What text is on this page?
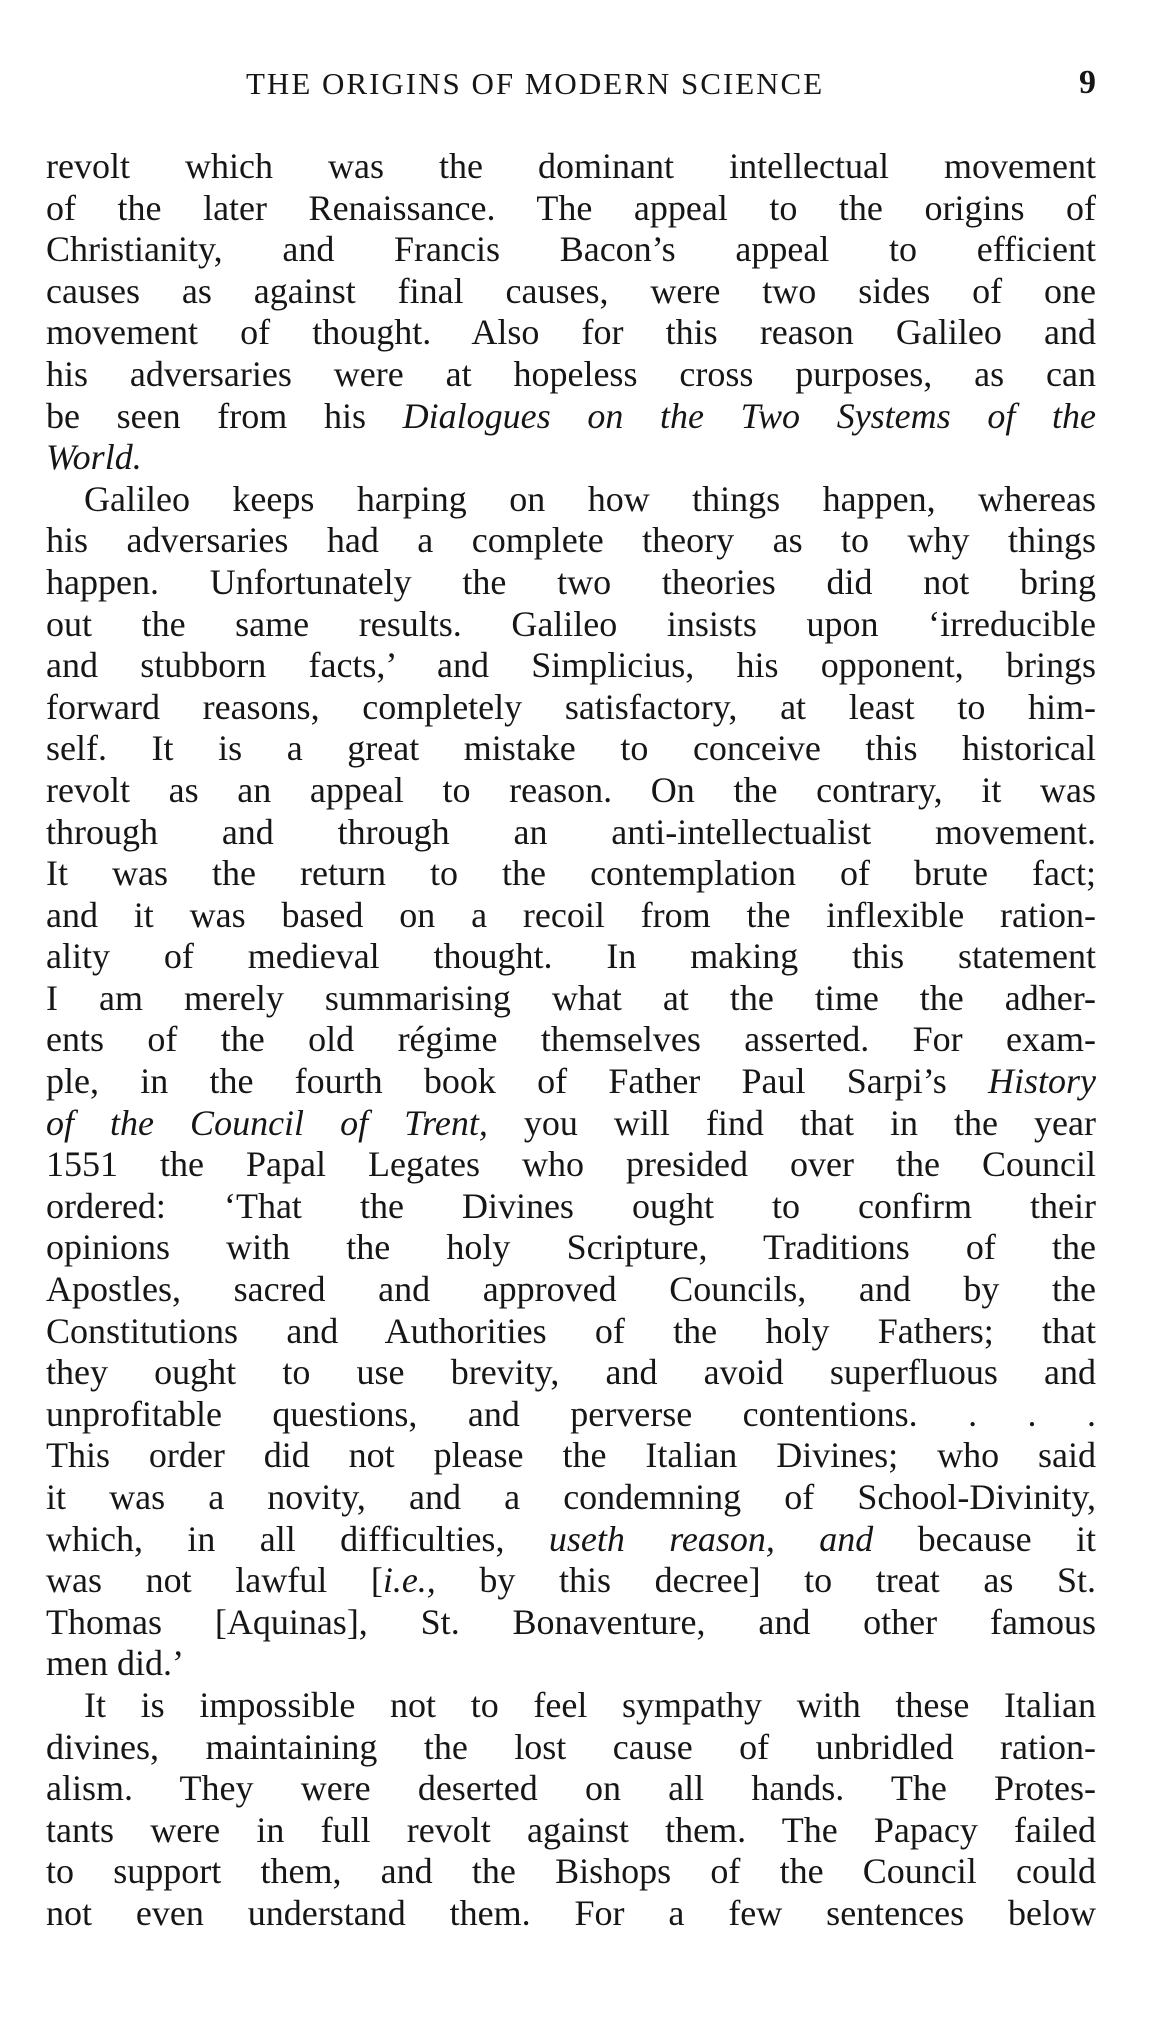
THE ORIGINS OF MODERN SCIENCE	9
revolt which was the dominant intellectual movement
of the later Renaissance. The appeal to the origins of
Christianity, and Francis Bacon’s appeal to efficient
causes as against final causes, were two sides of one
movement of thought. Also for this reason Galileo and
his adversaries were at hopeless cross purposes, as can
be seen from his Dialogues on the Two Systems of the
World.
Galileo keeps harping on how things happen, whereas
his adversaries had a complete theory as to why things
happen. Unfortunately the two theories did not bring
out the same results. Galileo insists upon ‘irreducible
and stubborn facts,’ and Simplicius, his opponent, brings
forward reasons, completely satisfactory, at least to him-
self. It is a great mistake to conceive this historical
revolt as an appeal to reason. On the contrary, it was
through and through an anti-intellectualist movement.
It was the return to the contemplation of brute fact;
and it was based on a recoil from the inflexible ration-
ality of medieval thought. In making this statement
I am merely summarising what at the time the adher-
ents of the old régime themselves asserted. For exam-
ple, in the fourth book of Father Paul Sarpi’s History
of the Council of Trent, you will find that in the year
1551 the Papal Legates who presided over the Council
ordered: ‘That the Divines ought to confirm their
opinions with the holy Scripture, Traditions of the
Apostles, sacred and approved Councils, and by the
Constitutions and Authorities of the holy Fathers; that
they ought to use brevity, and avoid superfluous and
unprofitable questions, and perverse contentions. . . .
This order did not please the Italian Divines; who said
it was a novity, and a condemning of School-Divinity,
which, in all difficulties, useth reason, and because it
was not lawful [i.e., by this decree] to treat as St.
Thomas [Aquinas], St. Bonaventure, and other famous
men did.’
It is impossible not to feel sympathy with these Italian
divines, maintaining the lost cause of unbridled ration-
alism. They were deserted on all hands. The Protes-
tants were in full revolt against them. The Papacy failed
to support them, and the Bishops of the Council could
not even understand them. For a few sentences below
